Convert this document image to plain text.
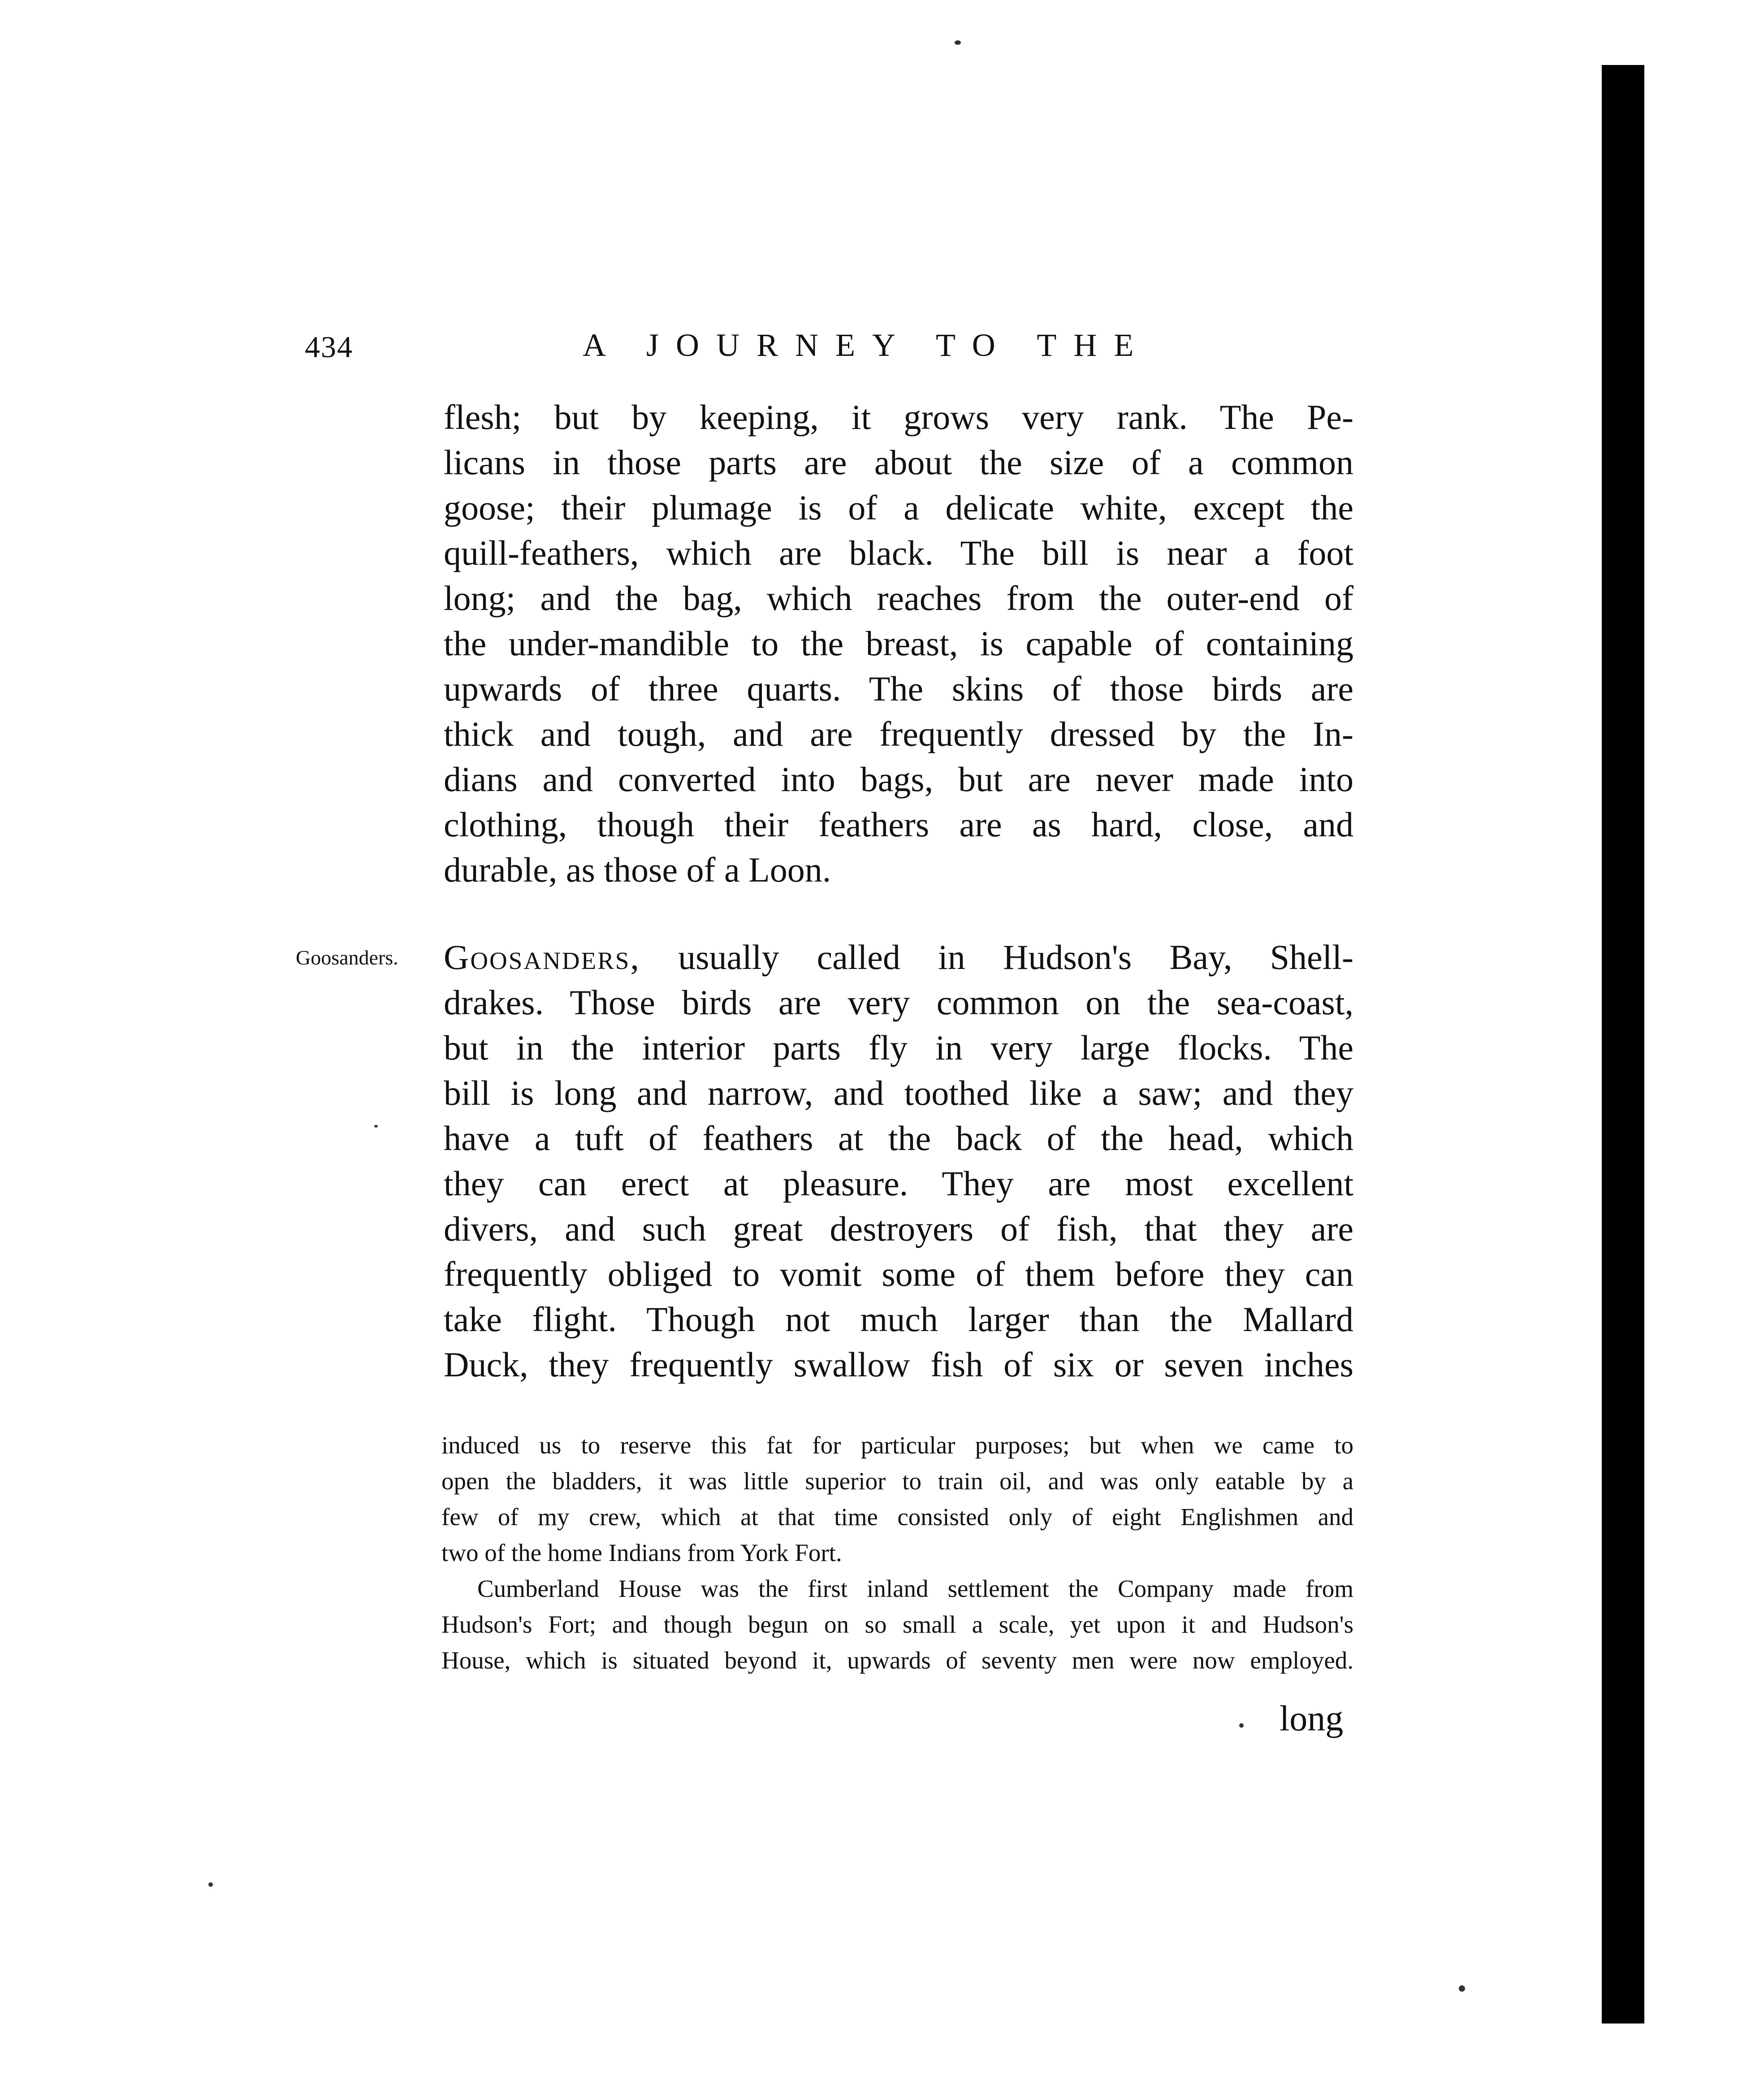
434	A JOURNEY TO THE
flesh; but by keeping, it grows very rank. The Pe-
licans in those parts are about the size of a common
goose; their plumage is of a delicate white, except the
quill-feathers, which are black. The bill is near a foot
long; and the bag, which reaches from the outer-end of
the under-mandible to the breast, is capable of containing
upwards of three quarts. The skins of those birds are
thick and tough, and are frequently dressed by the In-
dians and converted into bags, but are never made into
clothing, though their feathers are as hard, close, and
durable, as those of a Loon.
Goosanders. Goosanders, usually called in Hudson's Bay, Shell-
drakes. Those birds are very common on the sea-coast,
but in the interior parts fly in very large flocks. The
bill is long and narrow, and toothed like a saw; and they
have a tuft of feathers at the back of the head, which
they can erect at pleasure. They are most excellent
divers, and such great destroyers of fish, that they are
frequently obliged to vomit some of them before they can
take flight. Though not much larger than the Mallard
Duck, they frequently swallow fish of six or seven inches
induced us to reserve this fat for particular purposes; but when we came to
open the bladders, it was little superior to train oil, and was only eatable by a
few of my crew, which at that time consisted only of eight Englishmen and
two of the home Indians from York Fort.
Cumberland House was the first inland settlement the Company made from
Hudson's Fort; and though begun on so small a scale, yet upon it and Hudson's
House, which is situated beyond it, upwards of seventy men were now employed.
long
